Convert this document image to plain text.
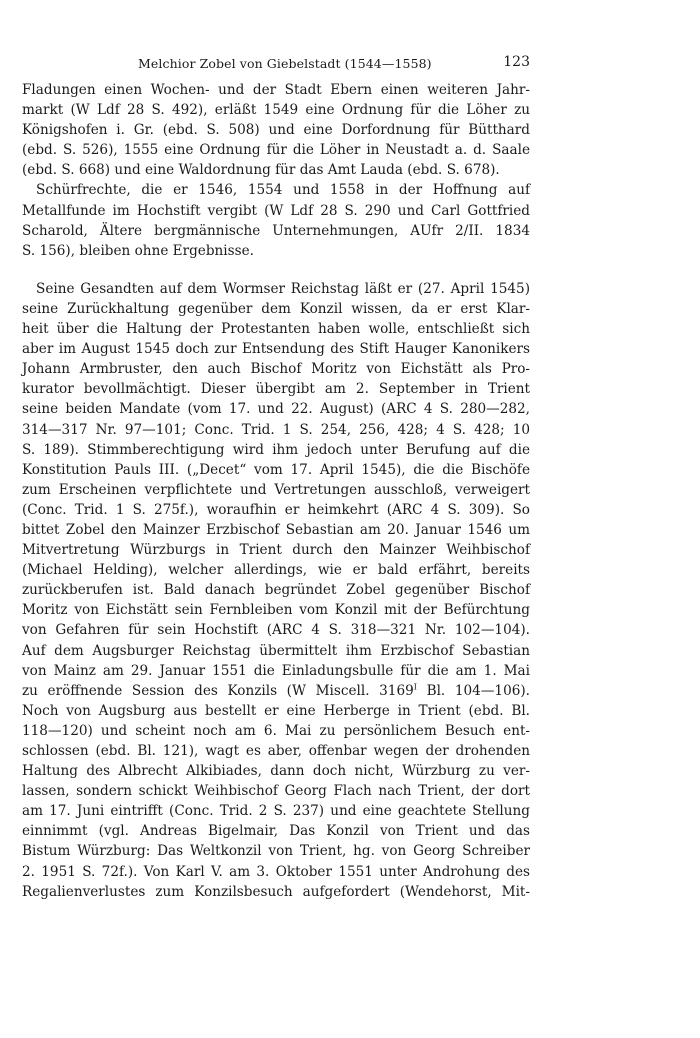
Melchior Zobel von Giebelstadt (1544—1558)	123
Fladungen einen Wochen- und der Stadt Ebern einen weiteren Jahr-
markt (W Ldf 28 S. 492), erläßt 1549 eine Ordnung für die Löher zu
Königshofen i. Gr. (ebd. S. 508) und eine Dorfordnung für Bütthard
(ebd. S. 526), 1555 eine Ordnung für die Löher in Neustadt a. d. Saale
(ebd. S. 668) und eine Waldordnung für das Amt Lauda (ebd. S. 678).
Schürfrechte, die er 1546, 1554 und 1558 in der Hoffnung auf
Metallfunde im Hochstift vergibt (W Ldf 28 S. 290 und Carl Gottfried
Scharold, Ältere bergmännische Unternehmungen, AUfr 2/II. 1834
S. 156), bleiben ohne Ergebnisse.
Seine Gesandten auf dem Wormser Reichstag läßt er (27. April 1545)
seine Zurückhaltung gegenüber dem Konzil wissen, da er erst Klar-
heit über die Haltung der Protestanten haben wolle, entschließt sich
aber im August 1545 doch zur Entsendung des Stift Hauger Kanonikers
Johann Armbruster, den auch Bischof Moritz von Eichstätt als Pro-
kurator bevollmächtigt. Dieser übergibt am 2. September in Trient
seine beiden Mandate (vom 17. und 22. August) (ARC 4 S. 280—282,
314—317 Nr. 97—101; Conc. Trid. 1 S. 254, 256, 428; 4 S. 428; 10
S. 189). Stimmberechtigung wird ihm jedoch unter Berufung auf die
Konstitution Pauls III. („Decet“ vom 17. April 1545), die die Bischöfe
zum Erscheinen verpflichtete und Vertretungen ausschloß, verweigert
(Conc. Trid. 1 S. 275f.), woraufhin er heimkehrt (ARC 4 S. 309). So
bittet Zobel den Mainzer Erzbischof Sebastian am 20. Januar 1546 um
Mitvertretung Würzburgs in Trient durch den Mainzer Weihbischof
(Michael Helding), welcher allerdings, wie er bald erfährt, bereits
zurückberufen ist. Bald danach begründet Zobel gegenüber Bischof
Moritz von Eichstätt sein Fernbleiben vom Konzil mit der Befürchtung
von Gefahren für sein Hochstift (ARC 4 S. 318—321 Nr. 102—104).
Auf dem Augsburger Reichstag übermittelt ihm Erzbischof Sebastian
von Mainz am 29. Januar 1551 die Einladungsbulle für die am 1. Mai
zu eröffnende Session des Konzils (W Miscell. $3169^I$ Bl. 104—106).
Noch von Augsburg aus bestellt er eine Herberge in Trient (ebd. Bl.
118—120) und scheint noch am 6. Mai zu persönlichem Besuch ent-
schlossen (ebd. Bl. 121), wagt es aber, offenbar wegen der drohenden
Haltung des Albrecht Alkibiades, dann doch nicht, Würzburg zu ver-
lassen, sondern schickt Weihbischof Georg Flach nach Trient, der dort
am 17. Juni eintrifft (Conc. Trid. 2 S. 237) und eine geachtete Stellung
einnimmt (vgl. Andreas Bigelmair, Das Konzil von Trient und das
Bistum Würzburg: Das Weltkonzil von Trient, hg. von Georg Schreiber
2. 1951 S. 72f.). Von Karl V. am 3. Oktober 1551 unter Androhung des
Regalienverlustes zum Konzilsbesuch aufgefordert (Wendehorst, Mit-
